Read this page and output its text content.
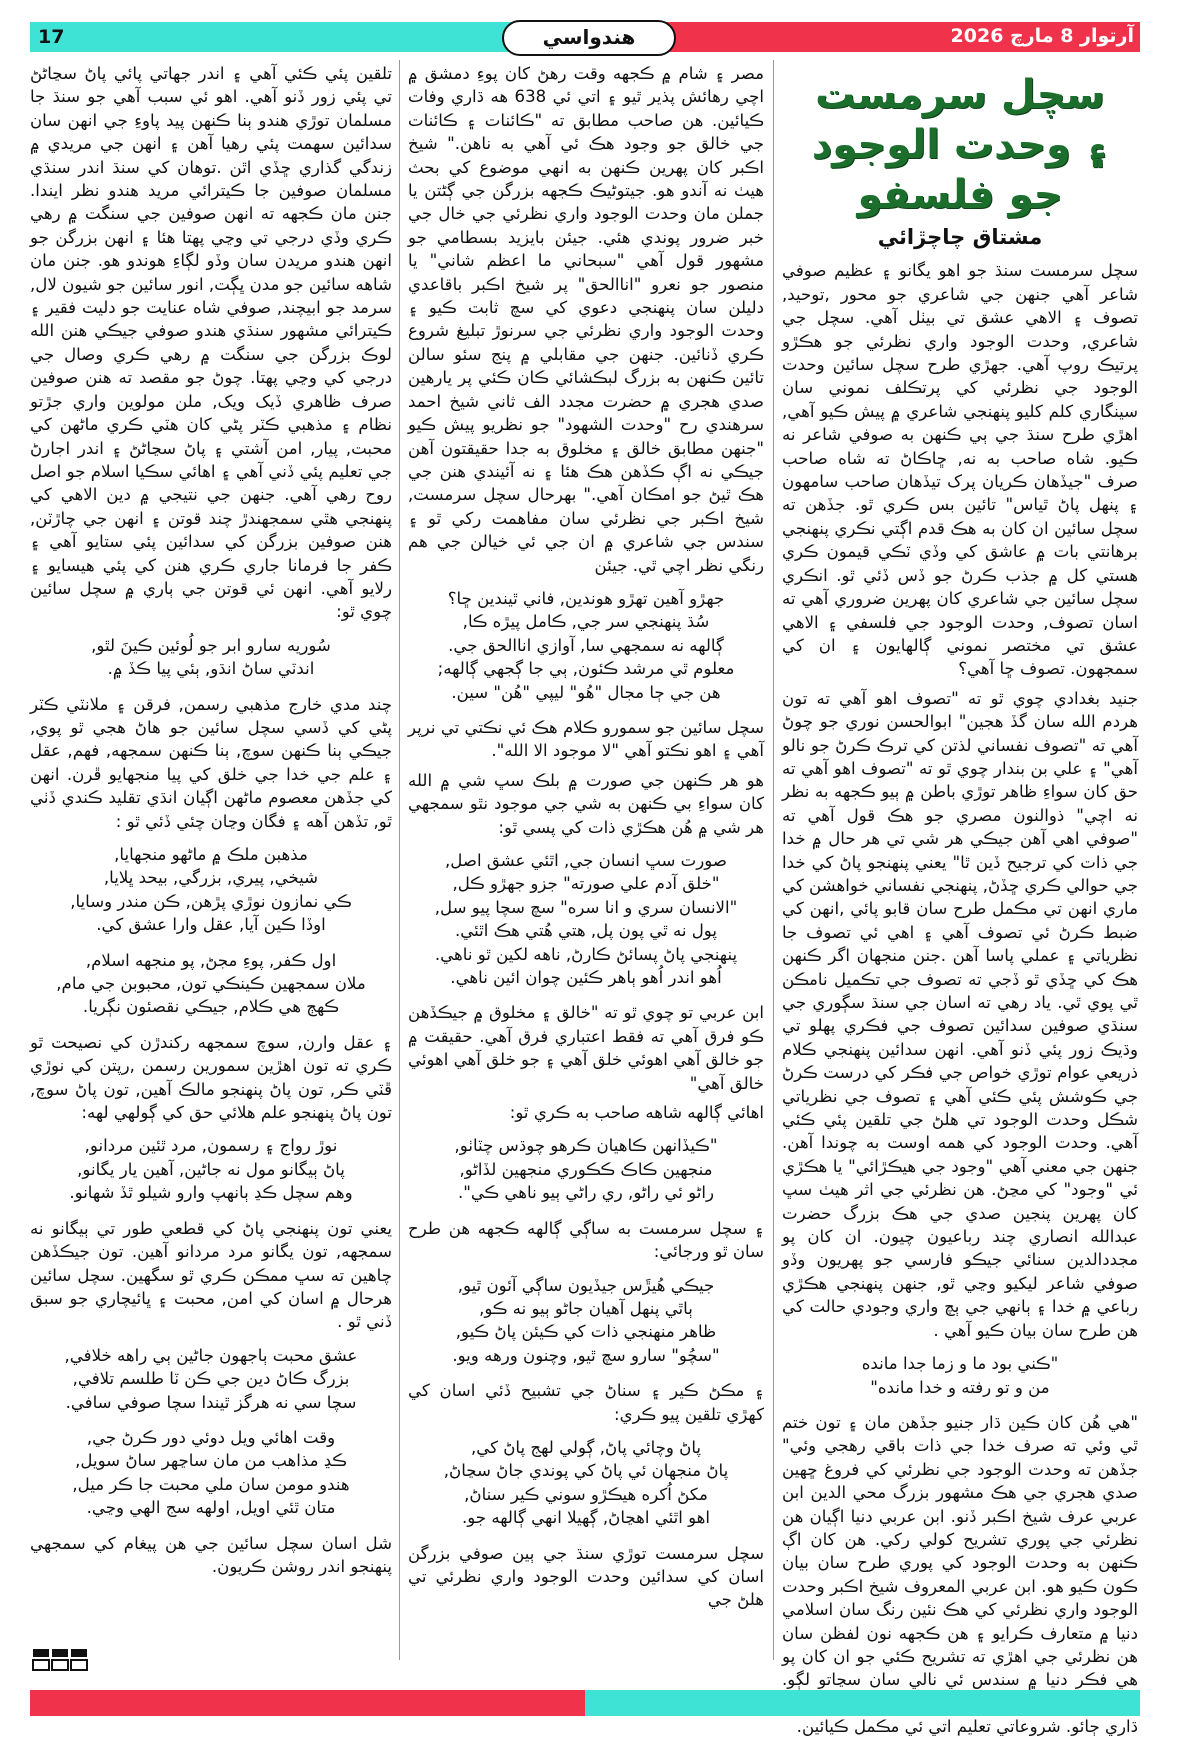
17	هندواسي	آرتوار 8 مارچ 2026
سچل سرمست
۽ وحدت الوجود جو فلسفو
مشتاق چاچڙائي

سچل سرمست سنڌ جو اهو يگانو ۽ عظيم صوفي شاعر آهي جنهن جي شاعري جو محور ,توحيد, تصوف ۽ الاهي عشق تي بيٺل آهي. سچل جي شاعري, وحدت الوجود واري نظرئي جو هڪڙو پرتيڪ روپ آهي. جهڙي طرح سچل سائين وحدت الوجود جي نظرئي کي پرتڪلف نموني سان سينگاري کلم کليو پنهنجي شاعري ۾ پيش ڪيو آهي, اهڙي طرح سنڌ جي ٻي ڪنهن به صوفي شاعر نه ڪيو. شاه صاحب به نه, ڇاڪاڻ ته شاه صاحب صرف "جيڏهان ڪريان پرک تيڏهان صاحب سامهون ۽ پنهل پاڻ ٿياس" تائين بس ڪري ٿو. جڏهن ته سچل سائين ان کان به هڪ قدم اڳتي نڪري پنهنجي برهانتي بات ۾ عاشق کي وڏي ٽڪي قيمون ڪري هستي کل ۾ جذب ڪرڻ جو ڏس ڏئي ٿو. انڪري سچل سائين جي شاعري کان پهرين ضروري آهي ته اسان تصوف, وحدت الوجود جي فلسفي ۽ الاهي عشق تي مختصر نموني ڳالهايون ۽ ان کي سمجهون. تصوف ڇا آهي؟

جنيد بغدادي چوي ٿو ته "تصوف اهو آهي ته تون هردم الله سان گڏ هجين" ابوالحسن نوري جو چوڻ آهي ته "تصوف نفساني لذتن کي ترڪ ڪرڻ جو نالو آهي" ۽ علي بن بندار چوي ٿو ته "تصوف اهو آهي ته حق کان سواءِ ظاهر توڙي باطن ۾ ٻيو ڪجهه به نظر نه اچي" ذوالنون مصري جو هڪ قول آهي ته "صوفي اهي آهن جيڪي هر شي تي هر حال ۾ خدا جي ذات کي ترجيح ڏين ٿا" يعني پنهنجو پاڻ کي خدا جي حوالي ڪري ڇڏڻ, پنهنجي نفساني خواهشن کي ماري انهن تي مڪمل طرح سان قابو پائي ,انهن کي ضبط ڪرڻ ئي تصوف آهي ۽ اهي ئي تصوف جا نظرياتي ۽ عملي پاسا آهن .جنن منجهان اگر ڪنهن هڪ کي ڇڏي ٿو ڏجي ته تصوف جي تڪميل نامڪن ٿي پوي ٿي. ياد رهي ته اسان جي سنڌ سڳوري جي سنڌي صوفين سدائين تصوف جي فڪري پهلو تي وڌيڪ زور پئي ڏنو آهي. انهن سدائين پنهنجي ڪلام ذريعي عوام توڙي خواص جي فڪر کي درست ڪرڻ جي ڪوشش پئي ڪئي آهي ۽ تصوف جي نظرياتي شڪل وحدت الوجود تي هلڻ جي تلقين پئي ڪئي آهي. وحدت الوجود کي همه اوست به چوندا آهن. جنهن جي معني آهي "وجود جي هيڪڙائي" يا هڪڙي ئي "وجود" کي مڃڻ. هن نظرئي جي اثر هيٺ سڀ کان پهرين پنجين صدي جي هڪ بزرگ حضرت عبدالله انصاري چند رباعيون چيون. ان کان پو مجددالدين سنائي جيڪو فارسي جو پهريون وڏو صوفي شاعر ليکيو وڃي ٿو, جنهن پنهنجي هڪڙي رباعي ۾ خدا ۽ ٻانهي جي ٻچ واري وجودي حالت کي هن طرح سان بيان ڪيو آهي .

"ڪني بود ما و زما جدا مانده
من و تو رفته و خدا مانده"

"هي هُن کان ڪين ڌار جنيو جڏهن مان ۽ تون ختم ٿي وئي ته صرف خدا جي ذات باقي رهجي وئي" جڏهن ته وحدت الوجود جي نظرئي کي فروغ ڇهين صدي هجري جي هڪ مشهور بزرگ محي الدين ابن عربي عرف شيخ اڪبر ڏنو. ابن عربي دنيا اڳيان هن نظرئي جي پوري تشريح کولي رکي. هن کان اڳ ڪنهن به وحدت الوجود کي پوري طرح سان بيان ڪون ڪيو هو. ابن عربي المعروف شيخ اڪبر وحدت الوجود واري نظرئي کي هڪ نئين رنگ سان اسلامي دنيا ۾ متعارف ڪرايو ۽ هن ڪجهه نون لفظن سان هن نظرئي جي اهڙي ته تشريح ڪئي جو ان کان پو هي فڪر دنيا ۾ سندس ئي نالي سان سڃاتو لڳو. ڌاري ڄائو. شروعاتي تعليم اتي ئي مڪمل ڪيائين.

مصر ۽ شام ۾ ڪجهه وقت رهڻ کان پوءِ دمشق ۾ اچي رهائش پذير ٿيو ۽ اتي ئي 638 هه ڌاري وفات ڪيائين. هن صاحب مطابق ته "ڪائنات ۽ ڪائنات جي خالق جو وجود هڪ ئي آهي به ناهن." شيخ اڪبر کان پهرين ڪنهن به انهي موضوع کي بحث هيٺ نه آندو هو. جيتوڻيڪ ڪجهه بزرگن جي ڳڻتن يا جملن مان وحدت الوجود واري نظرئي جي خال جي خبر ضرور پوندي هئي. جيئن بايزيد بسطامي جو مشهور قول آهي "سبحاني ما اعظم شاني" يا منصور جو نعرو "اناالحق" پر شيخ اڪبر باقاعدي دليلن سان پنهنجي دعوي کي سچ ثابت ڪيو ۽ وحدت الوجود واري نظرئي جي سرنوڙ تبليغ شروع ڪري ڏنائين. جنهن جي مقابلي ۾ پنج سئو سالن تائين ڪنهن به بزرگ لبڪشائي ڪان ڪئي پر يارهين صدي هجري ۾ حضرت مجدد الف ثاني شيخ احمد سرهندي رح "وحدت الشهود" جو نظريو پيش ڪيو "جنهن مطابق خالق ۽ مخلوق به جدا حقيقتون آهن جيڪي نه اڳ ڪڏهن هڪ هئا ۽ نه آئيندي هنن جي هڪ ٿيڻ جو امڪان آهي." بهرحال سچل سرمست, شيخ اڪبر جي نظرئي سان مفاهمت رکي ٿو ۽ سندس جي شاعري ۾ ان جي ئي خيالن جي هم رنگي نظر اچي ٿي. جيئن

جهڙو آهين تهڙو هوندين, فاني ٿيندين ڇا؟
سُڌ پنهنجي سر جي, ڪامل پيڙه ڪا,
ڳالهه نه سمجهي سا, آوازي اناالحق جي.
معلوم ٿي مرشد ڪئون, ٻي جا ڳجهي ڳالهه;
هن جي ڄا مجال "هُو" ليپي "هُن" سين.

سچل سائين جو سمورو ڪلام هڪ ئي نڪتي تي نرپر آهي ۽ اهو نڪتو آهي "لا موجود الا الله".

هو هر ڪنهن جي صورت ۾ بلڪ سڀ شي ۾ الله کان سواءِ بي ڪنهن به شي جي موجود نٿو سمجهي هر شي ۾ هُن هڪڙي ذات کي پسي ٿو:

صورت سڀ انسان جي, اٿئي عشق اصل,
"خلق آدم علي صورته" جزو جهڙو ڪل,
"الانسان سري و انا سره" سچ سچا پيو سل,
پول نه ٿي پون پل, هتي هُتي هڪ اٿئي.
پنهنجي پاڻ پسائڻ ڪارڻ, ناهه لکين ٿو ناهي.
اُهو اندر اُهو ٻاهر ڪئين چوان ائين ناهي.

ابن عربي تو چوي ٿو ته "خالق ۽ مخلوق ۾ جيڪڏهن ڪو فرق آهي ته فقط اعتباري فرق آهي. حقيقت ۾ جو خالق آهي اهوئي خلق آهي ۽ جو خلق آهي اهوئي خالق آهي"

اهائي ڳالهه شاهه صاحب به ڪري ٿو:

"ڪيڏانهن ڪاهيان ڪرهو چوڌس چٽاٺو,
منجهين ڪاڪ ڪڪوري منجهين لڏاڻو,
راڻو ئي راڻو, ري راڻي ٻيو ناهي ڪي".

۽ سچل سرمست به ساڳي ڳالهه ڪجهه هن طرح سان ٿو ورجائي:

جيڪي هُيڙَس جيڏيون ساڳي آئون ٿيو,
ٻاٿي پنهل آهيان جاڻو ٻيو نه ڪو,
ظاهر منهنجي ذات کي ڪيئن پاڻ ڪيو,
"سچُو" سارو سچ ٿيو, وچنون ورهه ويو.

۽ مڪڻ ڪير ۽ سناڻ جي تشبيح ڏئي اسان کي کهڙي تلقين پيو ڪري:

پاڻ وچائي پاڻ, ڳولي لهج پاڻ کي,
پاڻ منجهان ئي پاڻ کي پوندي جاڻ سڃاڻ,
مکڻ اُکره هيڪڙو سوني ڪير سناڻ,
اهو اٿئي اهڃاڻ, ڳهيلا انهي ڳالهه جو.

سچل سرمست توڙي سنڌ جي ٻين صوفي بزرگن اسان کي سدائين وحدت الوجود واري نظرئي تي هلڻ جي

تلقين پئي ڪئي آهي ۽ اندر جهاتي پائي پاڻ سڃاڻڻ تي پئي زور ڏنو آهي. اهو ئي سبب آهي جو سنڌ جا مسلمان توڙي هندو ٻنا ڪنهن پيد پاوءِ جي انهن سان سدائين سهمت پئي رهيا آهن ۽ انهن جي مريدي ۾ زندگي گذاري ڇڏي اٿن .توهان کي سنڌ اندر سنڌي مسلمان صوفين جا ڪيترائي مريد هندو نظر ايندا. جنن مان ڪجهه ته انهن صوفين جي سنگت ۾ رهي ڪري وڏي درجي تي وڃي پهتا هئا ۽ انهن بزرگن جو انهن هندو مريدن سان وڏو لڳاءِ هوندو هو. جنن مان شاهه سائين جو مدن ڀڳت, انور سائين جو شيون لال, سرمد جو ابيچند, صوفي شاه عنايت جو دليت فقير ۽ ڪيترائي مشهور سنڌي هندو صوفي جيڪي هنن الله لوڪ بزرگن جي سنگت ۾ رهي ڪري وصال جي درجي کي وڃي پهتا. چوڻ جو مقصد ته هنن صوفين صرف ظاهري ڏيک ويک, ملن مولوين واري جڙتو نظام ۽ مذهبي ڪٽر پڻي کان هٽي ڪري ماڻهن کي محبت, پيار, امن آشتي ۽ پاڻ سڃاڻڻ ۽ اندر اجارڻ جي تعليم پئي ڏني آهي ۽ اهائي سڪيا اسلام جو اصل روح رهي آهي. جنهن جي نتيجي ۾ دين الاهي کي پنهنجي هٿي سمجهندڙ چند قوتن ۽ انهن جي چاڙٽن, هنن صوفين بزرگن کي سدائين پئي ستايو آهي ۽ ڪفر جا فرمانا جاري ڪري هنن کي پئي هيسايو ۽ رلايو آهي. انهن ئي قوتن جي ٻاري ۾ سچل سائين چوي ٿو:

سُوريه سارو ابر جو لُوئين ڪينَ لٿو,
اندٽي ساڻ انڌو, ٻئي پيا ڪڏ ۾.

چند مدي خارج مذهبي رسمن, فرقن ۽ ملانٽي ڪٽر پڻي کي ڏسي سچل سائين جو هاڻ هجي ٿو پوي, جيڪي ٻنا ڪنهن سوچ, ٻنا ڪنهن سمجهه, فهم, عقل ۽ علم جي خدا جي خلق کي پيا منجهايو ڦرن. انهن کي جڏهن معصوم ماڻهن اڳيان انڌي تقليد ڪندي ڏٺي ٿو, تڏهن آهه ۽ فگان وڃان چئي ڏئي ٿو :

مذهبن ملڪ ۾ ماڻهو منجهايا,
شيخي, پيري, بزرگي, بيحد ڀلايا,
ڪي نمازون نوڙي پڙهن, ڪن مندر وسايا,
اوڏا ڪين آيا, عقل وارا عشق کي.
اول ڪفر, پوءِ مجڻ, پو منجهه اسلام,
ملان سمجهين ڪينڪي تون, محبوبن جي مام,
ڪهڄ هي ڪلام, جيڪي نقصئون نڳريا.

۽ عقل وارن, سوچ سمجهه رکندڙن کي نصيحت ٿو ڪري ته تون اهڙين سمورين رسمن ,رپتن کي نوڙي ڦٽي ڪر, تون پاڻ پنهنجو مالڪ آهين, تون پاڻ سوچ, تون پاڻ پنهنجو علم هلائي حق کي ڳولهي لهه:

نوڙ رواج ۽ رسمون, مرد ٿئين مردانو,
پاڻ ٻيگانو مول نه جاڻين, آهين يار يگانو,
وهم سچل ڪڍ ٻانهپ وارو شيلو ٿڏ شهانو.

يعني تون پنهنجي پاڻ کي قطعي طور تي ٻيگانو نه سمجهه, تون يگانو مرد مردانو آهين. تون جيڪڏهن چاهين ته سڀ ممڪن ڪري ٿو سگهين. سچل سائين هرحال ۾ اسان کي امن, محبت ۽ ڀائيچاري جو سبق ڏني ٿو .

عشق محبت ٻاجهون جاڻين ٻي راهه خلافي,
بزرگ ڪاڻ دين جي ڪن ٽا طلسم تلافي,
سچا سي نه هرگز ٿيندا سچا صوفي سافي.
وقت اهائي ويل دوئي دور ڪرڻ جي,
ڪڍ مذاهب من مان ساڃهر ساڻ سويل,
هندو مومن سان ملي محبت جا ڪر ميل,
متان ٿئي اويل, اولهه سج الهي وڃي.

شل اسان سچل سائين جي هن پيغام کي سمجهي پنهنجو اندر روشن ڪريون.
